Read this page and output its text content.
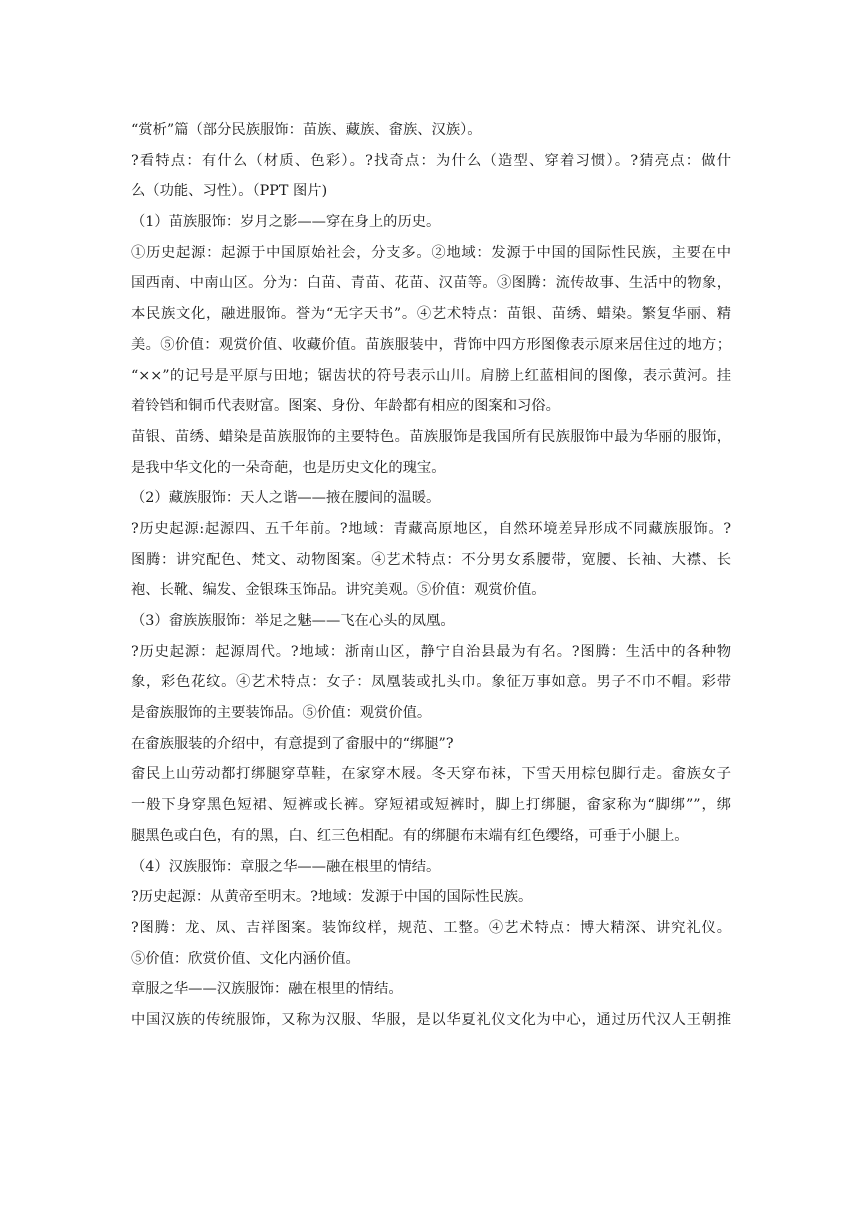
“赏析”篇（部分民族服饰：苗族、藏族、畲族、汉族）。
?看特点：有什么（材质、色彩）。?找奇点：为什么（造型、穿着习惯）。?猜亮点：做什
么（功能、习性）。（PPT 图片)
（1）苗族服饰：岁月之影——穿在身上的历史。
①历史起源：起源于中国原始社会，分支多。②地域：发源于中国的国际性民族，主要在中
国西南、中南山区。分为：白苗、青苗、花苗、汉苗等。③图腾：流传故事、生活中的物象，
本民族文化，融进服饰。誉为“无字天书”。④艺术特点：苗银、苗绣、蜡染。繁复华丽、精
美。⑤价值：观赏价值、收藏价值。苗族服装中，背饰中四方形图像表示原来居住过的地方；
“××”的记号是平原与田地；锯齿状的符号表示山川。肩膀上红蓝相间的图像，表示黄河。挂
着铃铛和铜币代表财富。图案、身份、年龄都有相应的图案和习俗。
苗银、苗绣、蜡染是苗族服饰的主要特色。苗族服饰是我国所有民族服饰中最为华丽的服饰，
是我中华文化的一朵奇葩，也是历史文化的瑰宝。
（2）藏族服饰：天人之谐——掖在腰间的温暖。
?历史起源:起源四、五千年前。?地域：青藏高原地区，自然环境差异形成不同藏族服饰。?
图腾：讲究配色、梵文、动物图案。④艺术特点：不分男女系腰带，宽腰、长袖、大襟、长
袍、长靴、编发、金银珠玉饰品。讲究美观。⑤价值：观赏价值。
（3）畲族族服饰：举足之魅——飞在心头的凤凰。
?历史起源：起源周代。?地域：浙南山区，静宁自治县最为有名。?图腾：生活中的各种物
象，彩色花纹。④艺术特点：女子：凤凰装或扎头巾。象征万事如意。男子不巾不帽。彩带
是畲族服饰的主要装饰品。⑤价值：观赏价值。
在畲族服装的介绍中，有意提到了畲服中的“绑腿”?
畲民上山劳动都打绑腿穿草鞋，在家穿木屐。冬天穿布袜，下雪天用棕包脚行走。畲族女子
一般下身穿黑色短裙、短裤或长裤。穿短裙或短裤时，脚上打绑腿，畲家称为“脚绑””，绑
腿黑色或白色，有的黑，白、红三色相配。有的绑腿布末端有红色缨络，可垂于小腿上。
（4）汉族服饰：章服之华——融在根里的情结。
?历史起源：从黄帝至明末。?地域：发源于中国的国际性民族。
?图腾：龙、凤、吉祥图案。装饰纹样，规范、工整。④艺术特点：博大精深、讲究礼仪。
⑤价值：欣赏价值、文化内涵价值。
章服之华——汉族服饰：融在根里的情结。
中国汉族的传统服饰，又称为汉服、华服，是以华夏礼仪文化为中心，通过历代汉人王朝推
